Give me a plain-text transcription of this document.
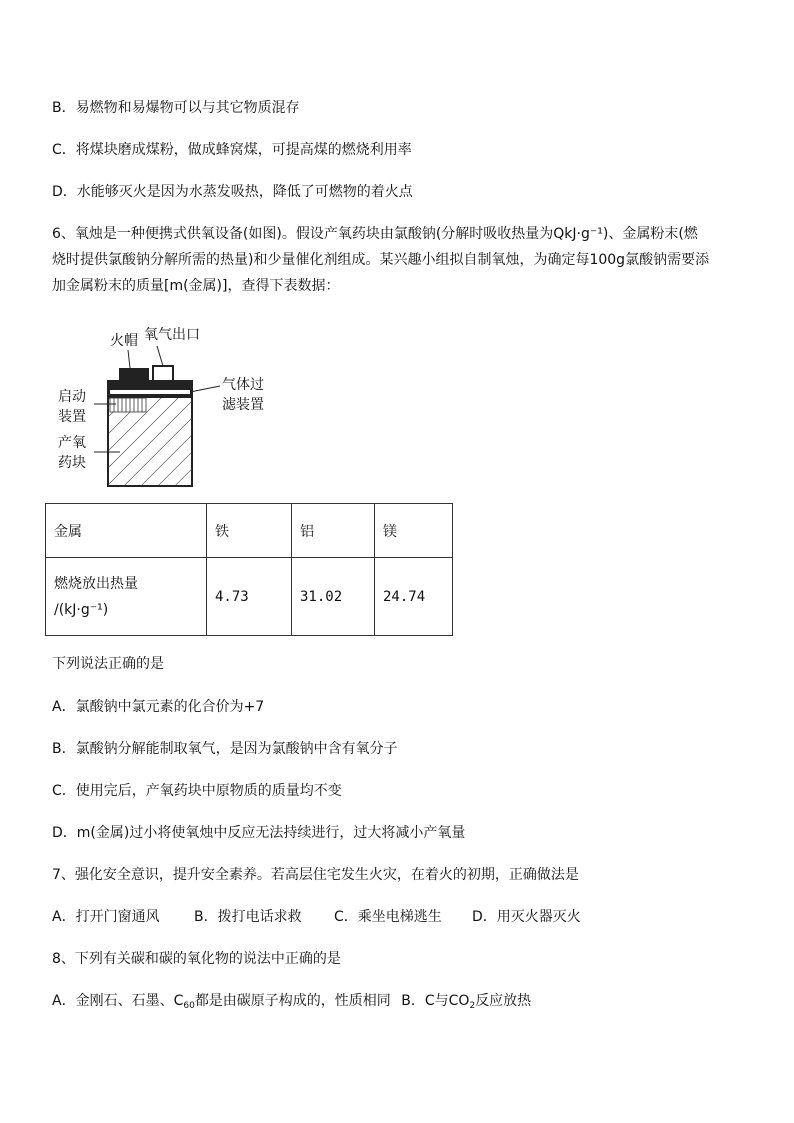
B．易燃物和易爆物可以与其它物质混存
C．将煤块磨成煤粉，做成蜂窝煤，可提高煤的燃烧利用率
D．水能够灭火是因为水蒸发吸热，降低了可燃物的着火点
6、氧烛是一种便携式供氧设备(如图)。假设产氧药块由氯酸钠(分解时吸收热量为QkJ·g⁻¹)、金属粉末(燃
烧时提供氯酸钠分解所需的热量)和少量催化剂组成。某兴趣小组拟自制氧烛，为确定每100g氯酸钠需要添
加金属粉末的质量[m(金属)]，查得下表数据：
火帽 氧气出口
气体过
滤装置
启动
装置
产氧
药块
金属	铁	铝	镁

燃烧放出热量
/(kJ·g⁻¹)	4.73	31.02	24.74
下列说法正确的是
A．氯酸钠中氯元素的化合价为+7
B．氯酸钠分解能制取氧气，是因为氯酸钠中含有氧分子
C．使用完后，产氧药块中原物质的质量均不变
D．m(金属)过小将使氧烛中反应无法持续进行，过大将减小产氧量
7、强化安全意识，提升安全素养。若高层住宅发生火灾，在着火的初期，正确做法是
A．打开门窗通风 B．拨打电话求救 C．乘坐电梯逃生 D．用灭火器灭火
8、下列有关碳和碳的氧化物的说法中正确的是
A．金刚石、石墨、$C_{60}$都是由碳原子构成的，性质相同 B．C与$CO_2$反应放热
